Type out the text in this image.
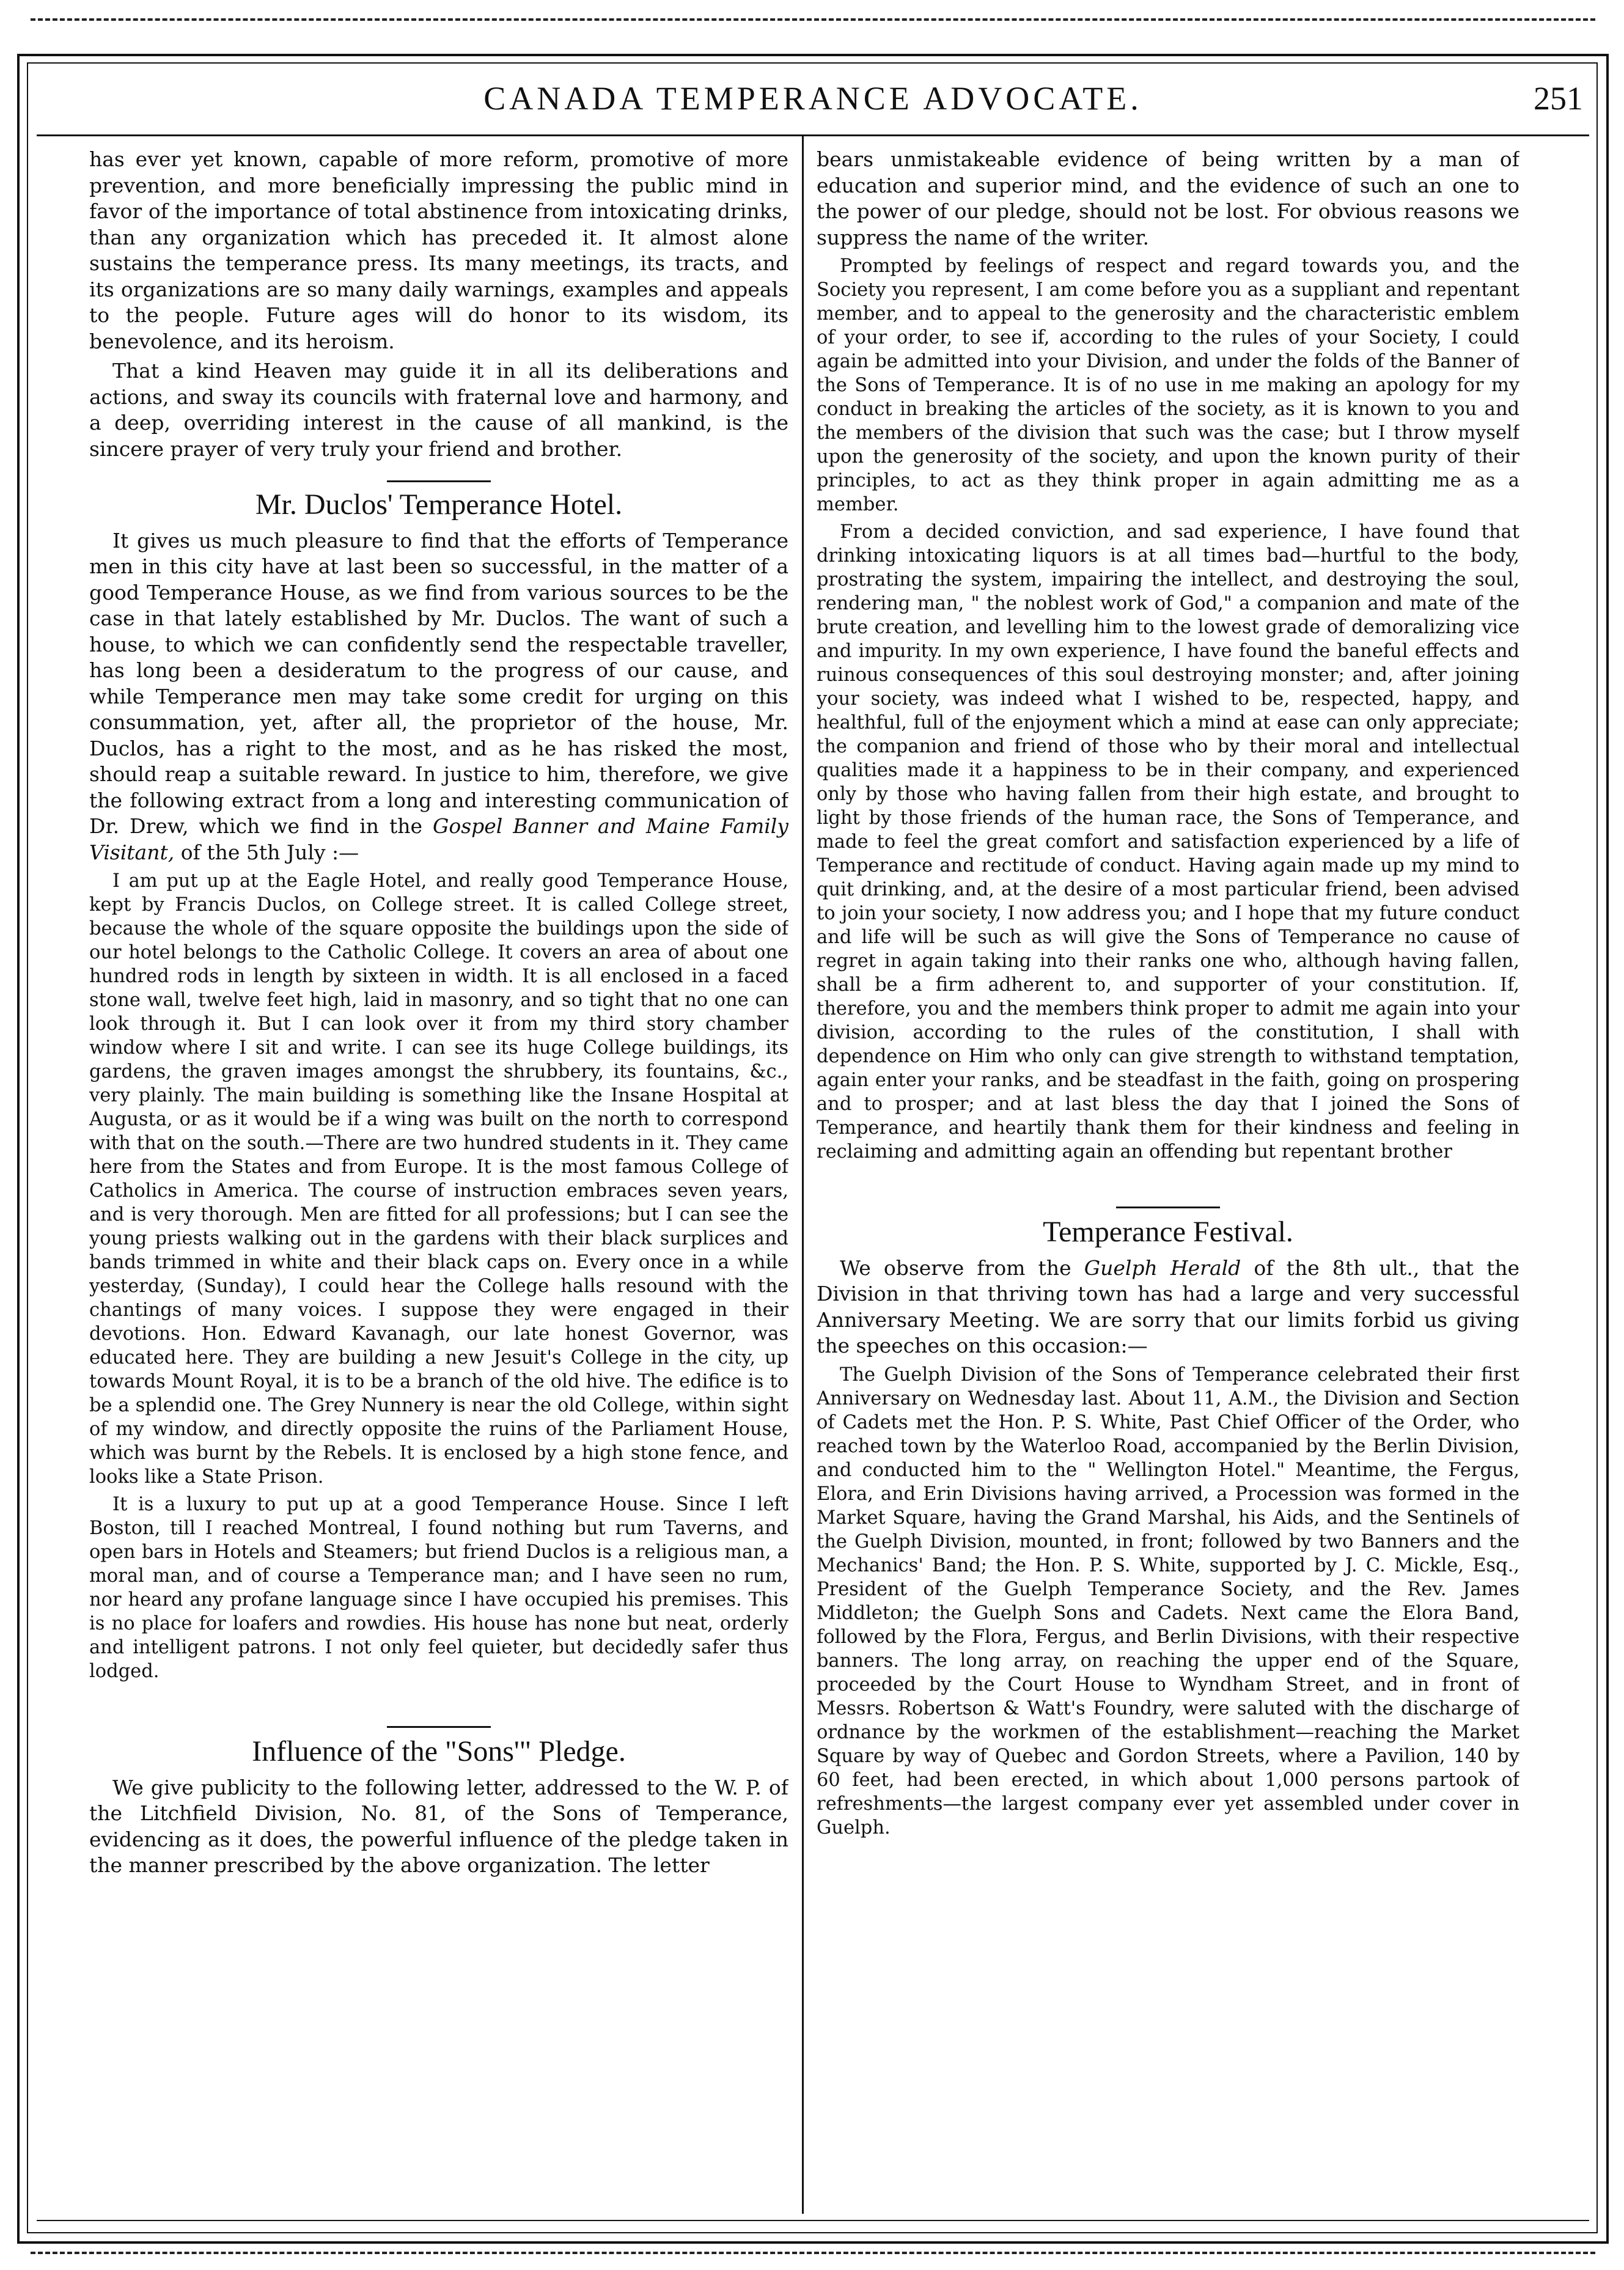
CANADA TEMPERANCE ADVOCATE.	251

has ever yet known, capable of more reform, promotive of more prevention, and more beneficially impressing the public mind in favor of the importance of total abstinence from intoxicating drinks, than any organization which has preceded it. It almost alone sustains the temperance press. Its many meetings, its tracts, and its organizations are so many daily warnings, examples and appeals to the people. Future ages will do honor to its wisdom, its benevolence, and its heroism.

That a kind Heaven may guide it in all its deliberations and actions, and sway its councils with fraternal love and harmony, and a deep, overriding interest in the cause of all mankind, is the sincere prayer of very truly your friend and brother.

Mr. Duclos' Temperance Hotel.

It gives us much pleasure to find that the efforts of Temperance men in this city have at last been so successful, in the matter of a good Temperance House, as we find from various sources to be the case in that lately established by Mr. Duclos. The want of such a house, to which we can confidently send the respectable traveller, has long been a desideratum to the progress of our cause, and while Temperance men may take some credit for urging on this consummation, yet, after all, the proprietor of the house, Mr. Duclos, has a right to the most, and as he has risked the most, should reap a suitable reward. In justice to him, therefore, we give the following extract from a long and interesting communication of Dr. Drew, which we find in the Gospel Banner and Maine Family Visitant, of the 5th July :—

I am put up at the Eagle Hotel, and really good Temperance House, kept by Francis Duclos, on College street. It is called College street, because the whole of the square opposite the buildings upon the side of our hotel belongs to the Catholic College. It covers an area of about one hundred rods in length by sixteen in width. It is all enclosed in a faced stone wall, twelve feet high, laid in masonry, and so tight that no one can look through it. But I can look over it from my third story chamber window where I sit and write. I can see its huge College buildings, its gardens, the graven images amongst the shrubbery, its fountains, &c., very plainly. The main building is something like the Insane Hospital at Augusta, or as it would be if a wing was built on the north to correspond with that on the south.—There are two hundred students in it. They came here from the States and from Europe. It is the most famous College of Catholics in America. The course of instruction embraces seven years, and is very thorough. Men are fitted for all professions; but I can see the young priests walking out in the gardens with their black surplices and bands trimmed in white and their black caps on. Every once in a while yesterday, (Sunday), I could hear the College halls resound with the chantings of many voices. I suppose they were engaged in their devotions. Hon. Edward Kavanagh, our late honest Governor, was educated here. They are building a new Jesuit's College in the city, up towards Mount Royal, it is to be a branch of the old hive. The edifice is to be a splendid one. The Grey Nunnery is near the old College, within sight of my window, and directly opposite the ruins of the Parliament House, which was burnt by the Rebels. It is enclosed by a high stone fence, and looks like a State Prison.

It is a luxury to put up at a good Temperance House. Since I left Boston, till I reached Montreal, I found nothing but rum Taverns, and open bars in Hotels and Steamers; but friend Duclos is a religious man, a moral man, and of course a Temperance man; and I have seen no rum, nor heard any profane language since I have occupied his premises. This is no place for loafers and rowdies. His house has none but neat, orderly and intelligent patrons. I not only feel quieter, but decidedly safer thus lodged.

Influence of the "Sons'" Pledge.

We give publicity to the following letter, addressed to the W. P. of the Litchfield Division, No. 81, of the Sons of Temperance, evidencing as it does, the powerful influence of the pledge taken in the manner prescribed by the above organization. The letter

bears unmistakeable evidence of being written by a man of education and superior mind, and the evidence of such an one to the power of our pledge, should not be lost. For obvious reasons we suppress the name of the writer.

Prompted by feelings of respect and regard towards you, and the Society you represent, I am come before you as a suppliant and repentant member, and to appeal to the generosity and the characteristic emblem of your order, to see if, according to the rules of your Society, I could again be admitted into your Division, and under the folds of the Banner of the Sons of Temperance. It is of no use in me making an apology for my conduct in breaking the articles of the society, as it is known to you and the members of the division that such was the case; but I throw myself upon the generosity of the society, and upon the known purity of their principles, to act as they think proper in again admitting me as a member.

From a decided conviction, and sad experience, I have found that drinking intoxicating liquors is at all times bad—hurtful to the body, prostrating the system, impairing the intellect, and destroying the soul, rendering man, " the noblest work of God," a companion and mate of the brute creation, and levelling him to the lowest grade of demoralizing vice and impurity. In my own experience, I have found the baneful effects and ruinous consequences of this soul destroying monster; and, after joining your society, was indeed what I wished to be, respected, happy, and healthful, full of the enjoyment which a mind at ease can only appreciate; the companion and friend of those who by their moral and intellectual qualities made it a happiness to be in their company, and experienced only by those who having fallen from their high estate, and brought to light by those friends of the human race, the Sons of Temperance, and made to feel the great comfort and satisfaction experienced by a life of Temperance and rectitude of conduct. Having again made up my mind to quit drinking, and, at the desire of a most particular friend, been advised to join your society, I now address you; and I hope that my future conduct and life will be such as will give the Sons of Temperance no cause of regret in again taking into their ranks one who, although having fallen, shall be a firm adherent to, and supporter of your constitution. If, therefore, you and the members think proper to admit me again into your division, according to the rules of the constitution, I shall with dependence on Him who only can give strength to withstand temptation, again enter your ranks, and be steadfast in the faith, going on prospering and to prosper; and at last bless the day that I joined the Sons of Temperance, and heartily thank them for their kindness and feeling in reclaiming and admitting again an offending but repentant brother

Temperance Festival.

We observe from the Guelph Herald of the 8th ult., that the Division in that thriving town has had a large and very successful Anniversary Meeting. We are sorry that our limits forbid us giving the speeches on this occasion:—

The Guelph Division of the Sons of Temperance celebrated their first Anniversary on Wednesday last. About 11, A.M., the Division and Section of Cadets met the Hon. P. S. White, Past Chief Officer of the Order, who reached town by the Waterloo Road, accompanied by the Berlin Division, and conducted him to the " Wellington Hotel." Meantime, the Fergus, Elora, and Erin Divisions having arrived, a Procession was formed in the Market Square, having the Grand Marshal, his Aids, and the Sentinels of the Guelph Division, mounted, in front; followed by two Banners and the Mechanics' Band; the Hon. P. S. White, supported by J. C. Mickle, Esq., President of the Guelph Temperance Society, and the Rev. James Middleton; the Guelph Sons and Cadets. Next came the Elora Band, followed by the Flora, Fergus, and Berlin Divisions, with their respective banners. The long array, on reaching the upper end of the Square, proceeded by the Court House to Wyndham Street, and in front of Messrs. Robertson & Watt's Foundry, were saluted with the discharge of ordnance by the workmen of the establishment—reaching the Market Square by way of Quebec and Gordon Streets, where a Pavilion, 140 by 60 feet, had been erected, in which about 1,000 persons partook of refreshments—the largest company ever yet assembled under cover in Guelph.
